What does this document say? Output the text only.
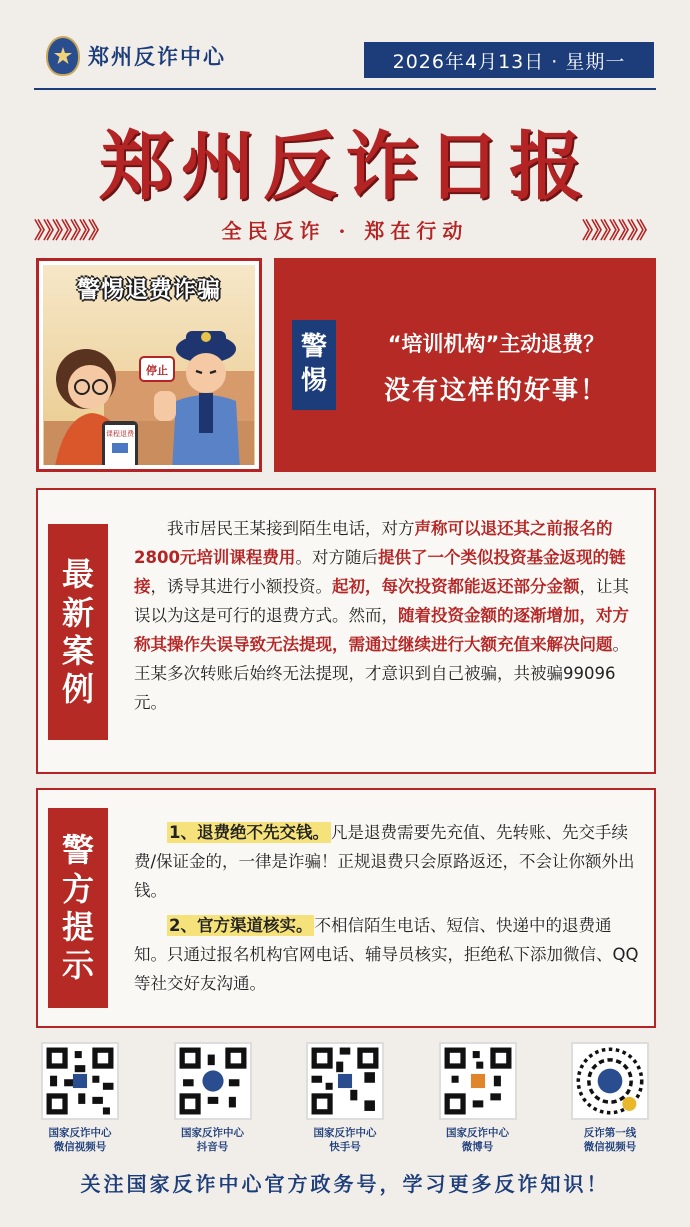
郑州反诈中心	2026年4月13日 · 星期一
郑州反诈日报
》》》》》》》	全民反诈 · 郑在行动	》》》》》》》
警惕退费诈骗
课程退费
停止
警
惕
“培训机构”主动退费？
没有这样的好事！
最
新
案
例

我市居民王某接到陌生电话，对方声称可以退还其之前报名的2800元培训课程费用。对方随后提供了一个类似投资基金返现的链接，诱导其进行小额投资。起初，每次投资都能返还部分金额，让其误以为这是可行的退费方式。然而，随着投资金额的逐渐增加，对方称其操作失误导致无法提现，需通过继续进行大额充值来解决问题。王某多次转账后始终无法提现，才意识到自己被骗，共被骗99096元。

警
方
提
示

1、退费绝不先交钱。 凡是退费需要先充值、先转账、先交手续费/保证金的，一律是诈骗！正规退费只会原路返还，不会让你额外出钱。

2、官方渠道核实。 不相信陌生电话、短信、快递中的退费通知。只通过报名机构官网电话、辅导员核实，拒绝私下添加微信、QQ等社交好友沟通。

国家反诈中心
微信视频号
国家反诈中心
抖音号
国家反诈中心
快手号
国家反诈中心
微博号
反诈第一线
微信视频号
关注国家反诈中心官方政务号，学习更多反诈知识！
